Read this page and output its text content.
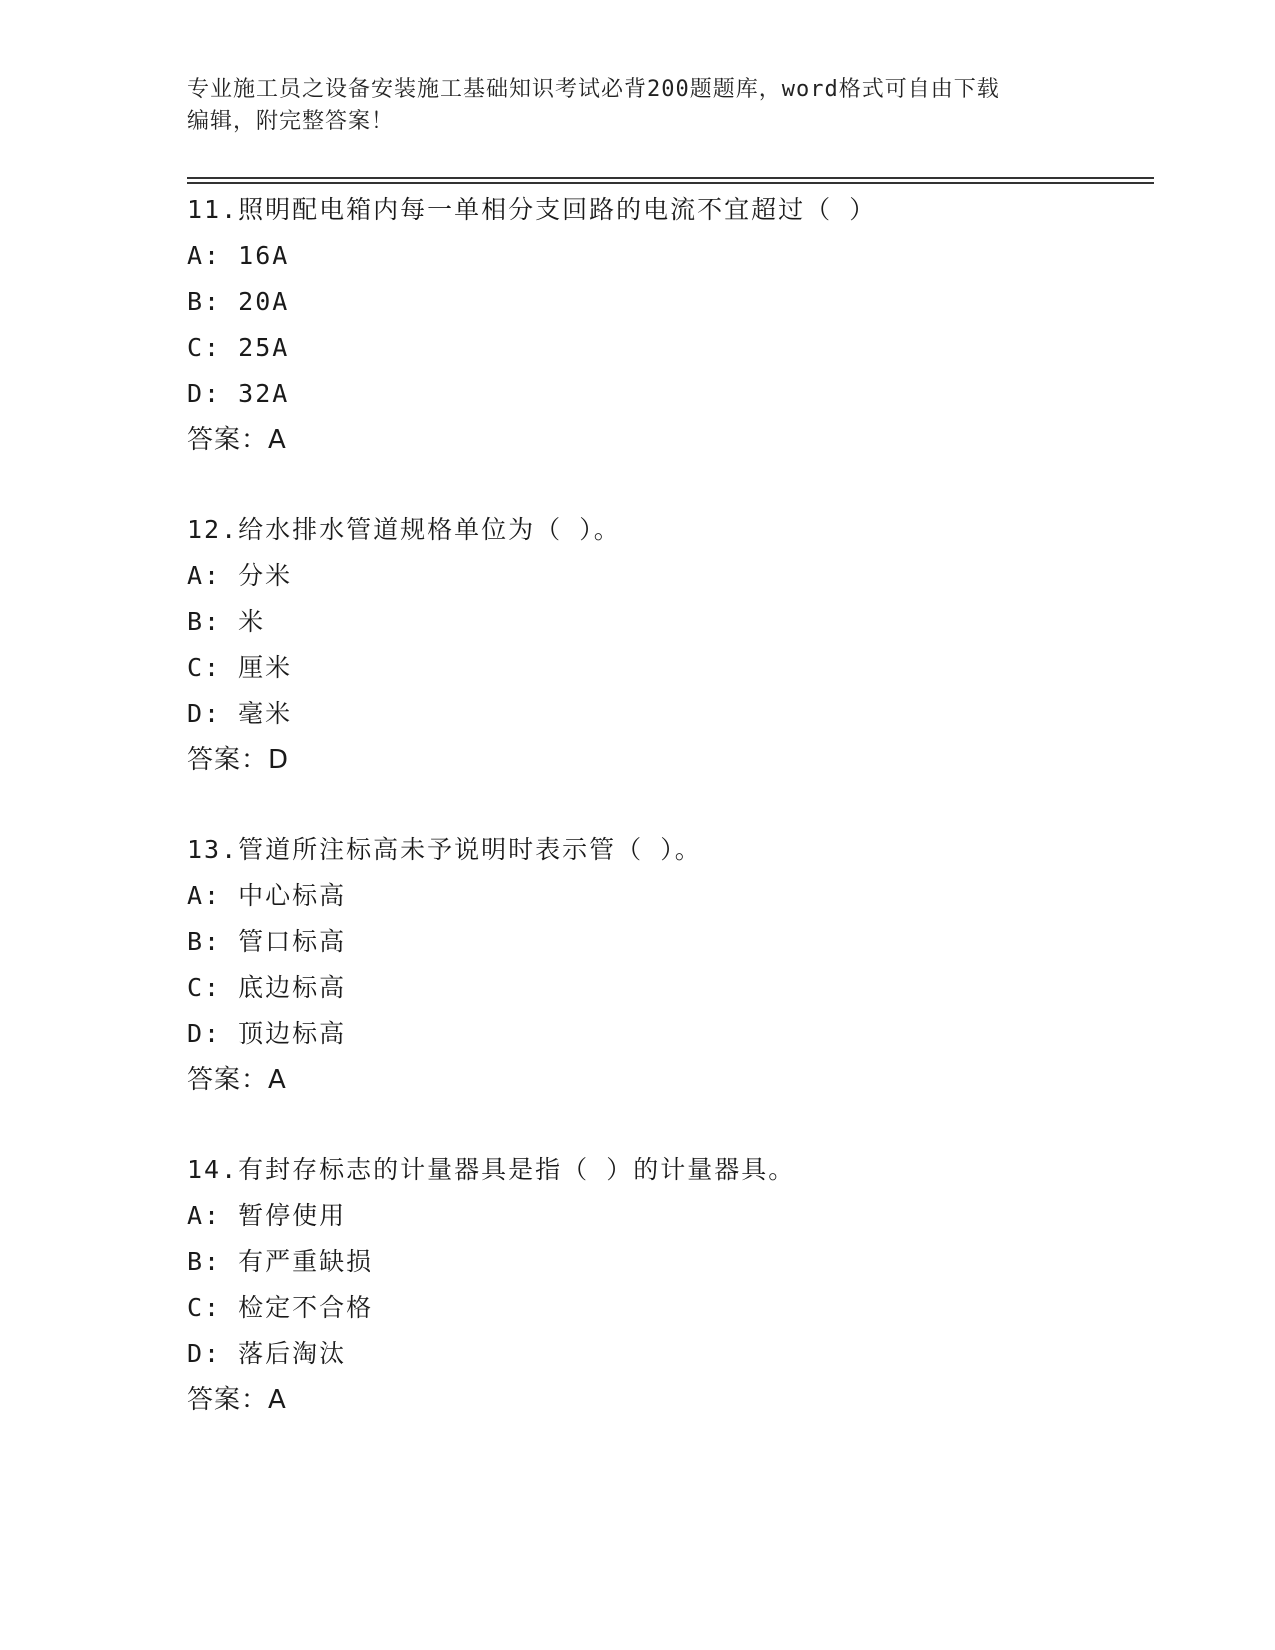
专业施工员之设备安装施工基础知识考试必背200题题库，word格式可自由下载
编辑，附完整答案！
11.照明配电箱内每一单相分支回路的电流不宜超过（ ）
A: 16A
B: 20A
C: 25A
D: 32A
答案：A
12.给水排水管道规格单位为（ ）。
A: 分米
B: 米
C: 厘米
D: 毫米
答案：D
13.管道所注标高未予说明时表示管（ ）。
A: 中心标高
B: 管口标高
C: 底边标高
D: 顶边标高
答案：A
14.有封存标志的计量器具是指（ ）的计量器具。
A: 暂停使用
B: 有严重缺损
C: 检定不合格
D: 落后淘汰
答案：A
